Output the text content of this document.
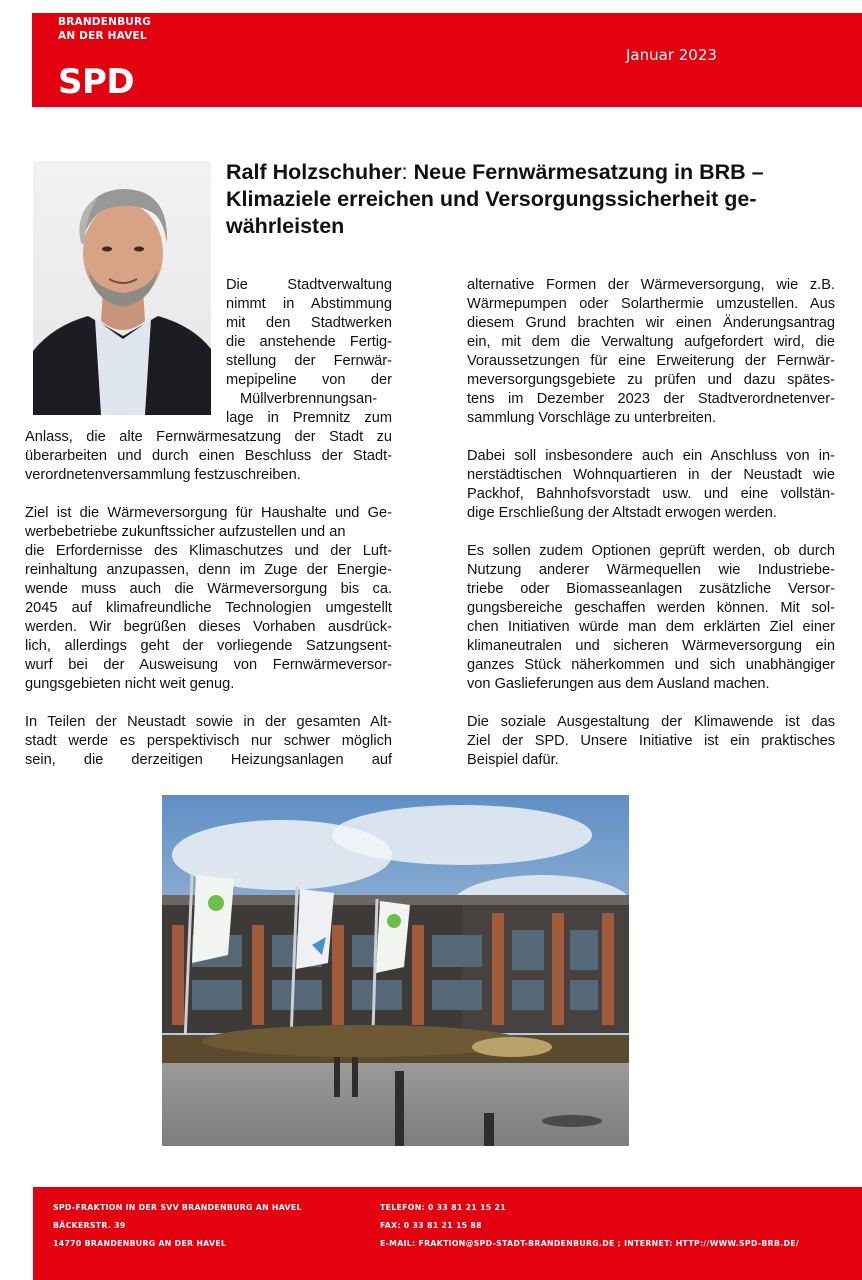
BRANDENBURG
AN DER HAVEL
SPD
Januar 2023
Ralf Holzschuher: Neue Fernwärmesatzung in BRB –
Klimaziele erreichen und Versorgungssicherheit ge-
währleisten
Die Stadtverwaltung
nimmt in Abstimmung
mit den Stadtwerken
die anstehende Fertig-
stellung der Fernwär-
mepipeline von der
Müllverbrennungsan-
lage in Premnitz zum
Anlass, die alte Fernwärmesatzung der Stadt zu
überarbeiten und durch einen Beschluss der Stadt-
verordnetenversammlung festzuschreiben.
Ziel ist die Wärmeversorgung für Haushalte und Ge-
werbebetriebe zukunftssicher aufzustellen und an
die Erfordernisse des Klimaschutzes und der Luft-
reinhaltung anzupassen, denn im Zuge der Energie-
wende muss auch die Wärmeversorgung bis ca.
2045 auf klimafreundliche Technologien umgestellt
werden. Wir begrüßen dieses Vorhaben ausdrück-
lich, allerdings geht der vorliegende Satzungsent-
wurf bei der Ausweisung von Fernwärmeversor-
gungsgebieten nicht weit genug.
In Teilen der Neustadt sowie in der gesamten Alt-
stadt werde es perspektivisch nur schwer möglich
sein, die derzeitigen Heizungsanlagen auf
alternative Formen der Wärmeversorgung, wie z.B.
Wärmepumpen oder Solarthermie umzustellen. Aus
diesem Grund brachten wir einen Änderungsantrag
ein, mit dem die Verwaltung aufgefordert wird, die
Voraussetzungen für eine Erweiterung der Fernwär-
meversorgungsgebiete zu prüfen und dazu spätes-
tens im Dezember 2023 der Stadtverordnetenver-
sammlung Vorschläge zu unterbreiten.
Dabei soll insbesondere auch ein Anschluss von in-
nerstädtischen Wohnquartieren in der Neustadt wie
Packhof, Bahnhofsvorstadt usw. und eine vollstän-
dige Erschließung der Altstadt erwogen werden.
Es sollen zudem Optionen geprüft werden, ob durch
Nutzung anderer Wärmequellen wie Industriebe-
triebe oder Biomasseanlagen zusätzliche Versor-
gungsbereiche geschaffen werden können. Mit sol-
chen Initiativen würde man dem erklärten Ziel einer
klimaneutralen und sicheren Wärmeversorgung ein
ganzes Stück näherkommen und sich unabhängiger
von Gaslieferungen aus dem Ausland machen.
Die soziale Ausgestaltung der Klimawende ist das
Ziel der SPD. Unsere Initiative ist ein praktisches
Beispiel dafür.
SPD-FRAKTION IN DER SVV BRANDENBURG AN HAVEL
BÄCKERSTR. 39
14770 BRANDENBURG AN DER HAVEL
TELEFON: 0 33 81 21 15 21
FAX: 0 33 81 21 15 88
E-MAIL: FRAKTION@SPD-STADT-BRANDENBURG.DE ; INTERNET: HTTP://WWW.SPD-BRB.DE/
